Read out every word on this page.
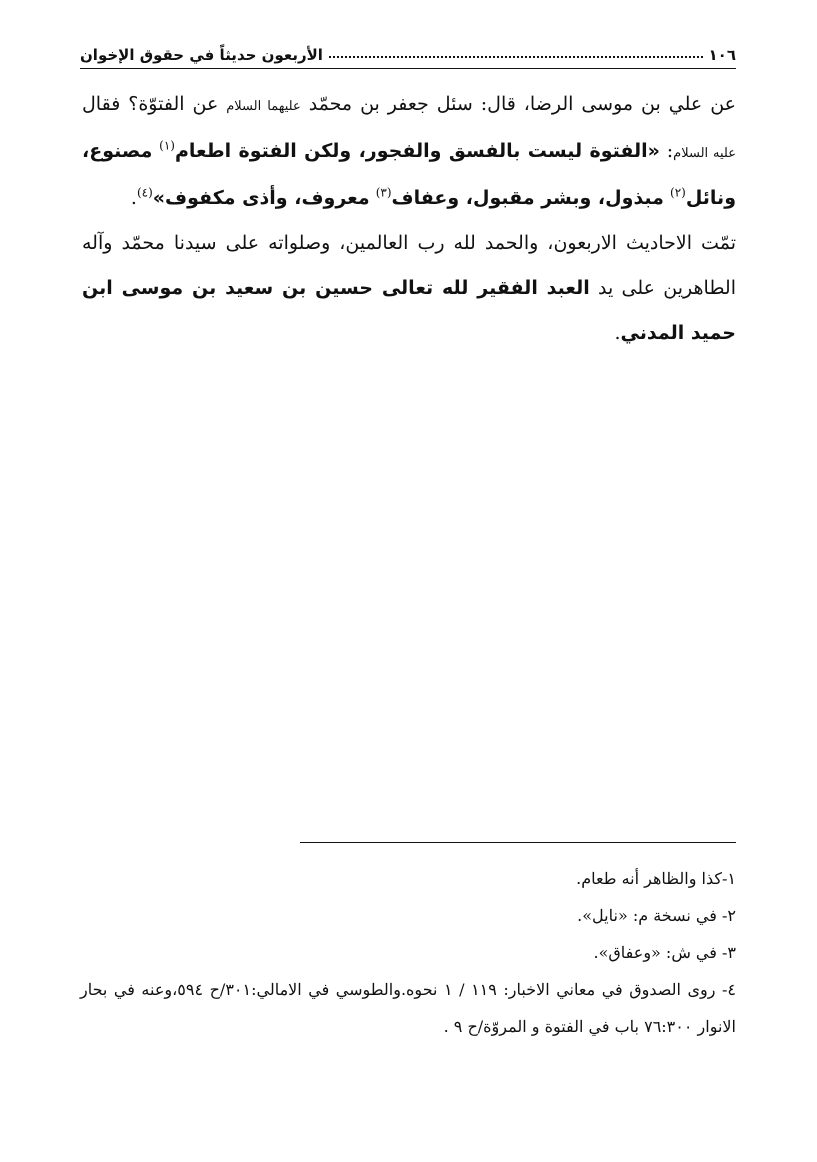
١٠٦
الأربعون حديثاً في حقوق الإخوان

عن علي بن موسى الرضا، قال: سئل جعفر بن محمّد عليهما السلام عن الفتوّة؟ فقال عليه السلام: «الفتوة ليست بالفسق والفجور، ولكن الفتوة اطعام$^{(١)}$ مصنوع، ونائل$^{(٢)}$ مبذول، وبشر مقبول، وعفاف$^{(٣)}$ معروف، وأذى مكفوف»$^{(٤)}$.

تمّت الاحاديث الاربعون، والحمد لله رب العالمين، وصلواته على سيدنا محمّد وآله الطاهرين على يد العبد الفقير لله تعالى حسين بن سعيد بن موسى ابن حميد المدني.

١-كذا والظاهر أنه طعام.

٢- في نسخة م: «نايل».

٣- في ش: «وعفاق».

٤- روى الصدوق في معاني الاخبار: ١١٩ / ١ نحوه.والطوسي في الامالي:٣٠١/ح ٥٩٤،وعنه في بحار الانوار ٧٦:٣٠٠ باب في الفتوة و المروّة/ح ٩ .
